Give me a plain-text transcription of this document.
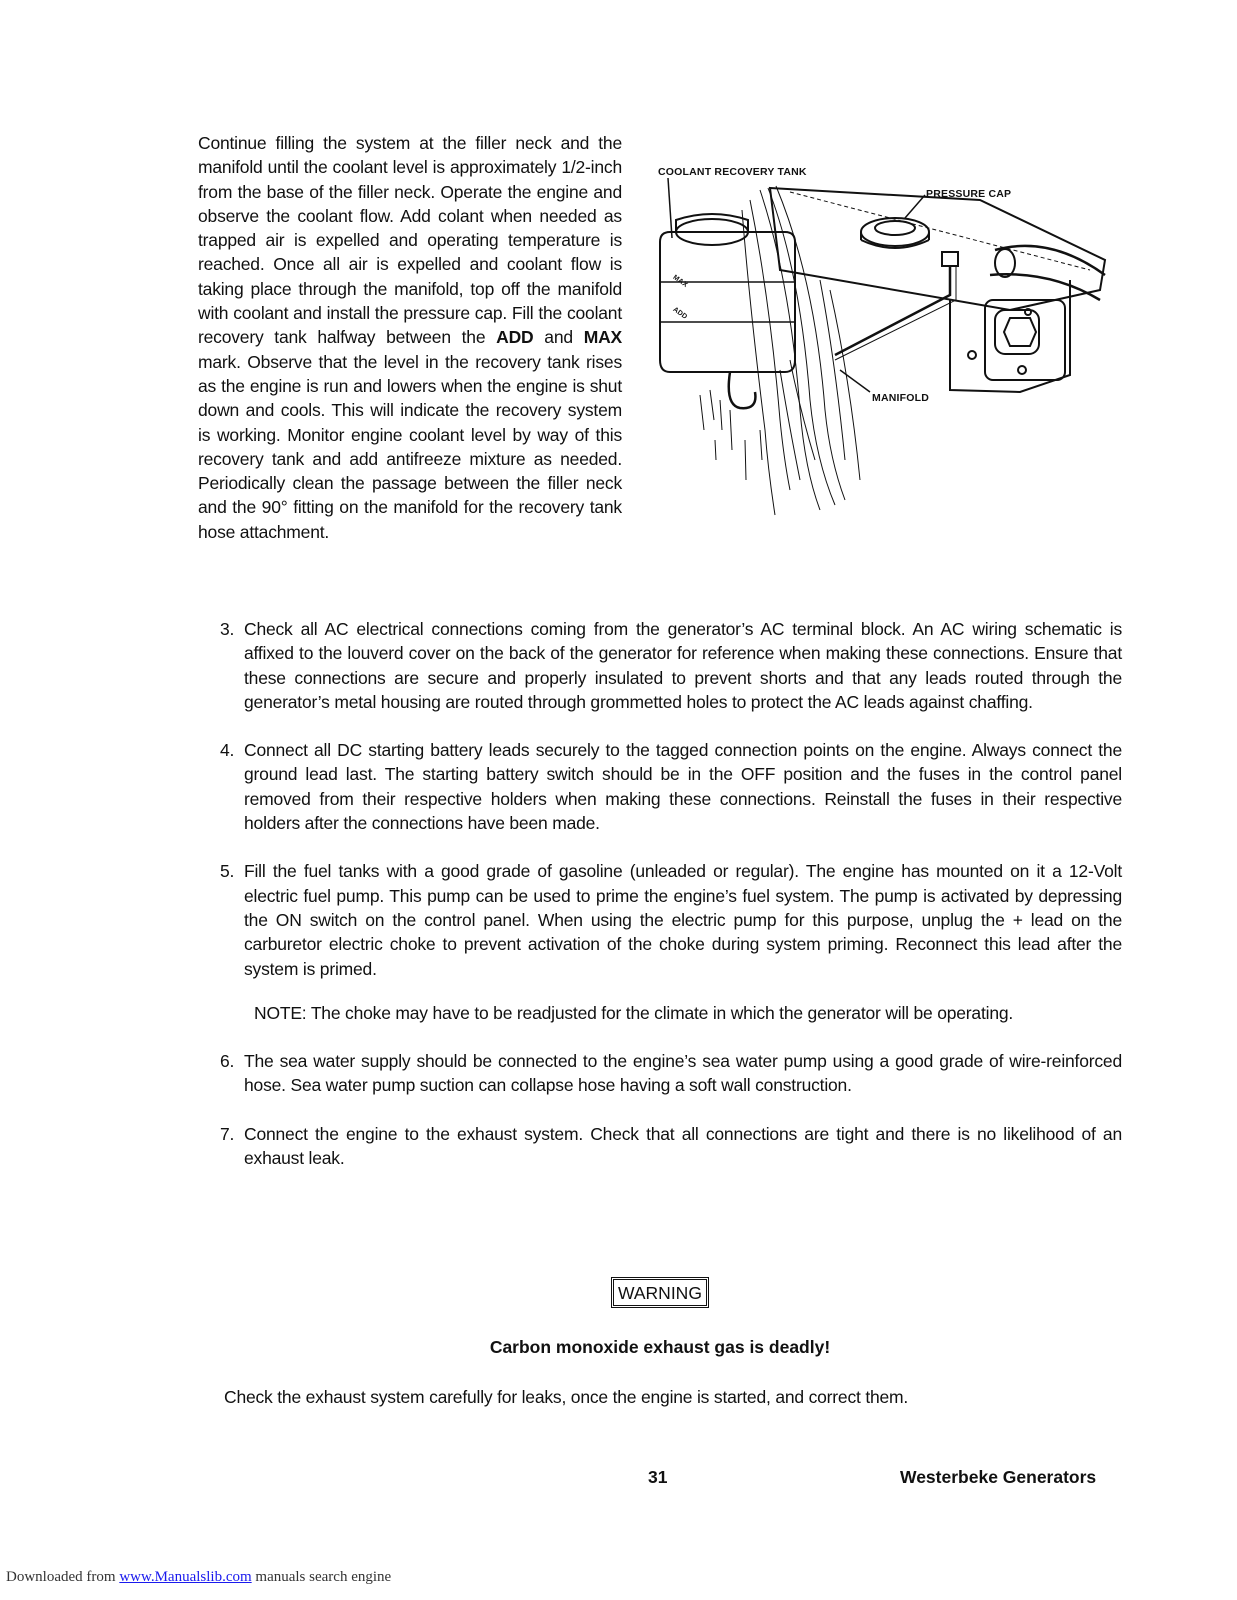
Continue filling the system at the filler neck and the manifold until the coolant level is approximately 1/2-inch from the base of the filler neck. Operate the engine and observe the coolant flow. Add colant when needed as trapped air is expelled and operating temperature is reached. Once all air is expelled and coolant flow is taking place through the manifold, top off the manifold with coolant and install the pressure cap. Fill the coolant recovery tank halfway between the ADD and MAX mark. Observe that the level in the recovery tank rises as the engine is run and lowers when the engine is shut down and cools. This will indicate the recovery system is working. Monitor engine coolant level by way of this recovery tank and add antifreeze mixture as needed. Periodically clean the passage between the filler neck and the 90° fitting on the manifold for the recovery tank hose attachment.
COOLANT RECOVERY TANK
PRESSURE CAP
MANIFOLD
MAX
ADD
3. Check all AC electrical connections coming from the generator’s AC terminal block. An AC wiring schematic is affixed to the louverd cover on the back of the generator for reference when making these connections. Ensure that these connections are secure and properly insulated to prevent shorts and that any leads routed through the generator’s metal housing are routed through grommetted holes to protect the AC leads against chaffing.
4. Connect all DC starting battery leads securely to the tagged connection points on the engine. Always connect the ground lead last. The starting battery switch should be in the OFF position and the fuses in the control panel removed from their respective holders when making these connections. Reinstall the fuses in their respective holders after the connections have been made.
5. Fill the fuel tanks with a good grade of gasoline (unleaded or regular). The engine has mounted on it a 12-Volt electric fuel pump. This pump can be used to prime the engine’s fuel system. The pump is activated by depressing the ON switch on the control panel. When using the electric pump for this purpose, unplug the + lead on the carburetor electric choke to prevent activation of the choke during system priming. Reconnect this lead after the system is primed.
NOTE: The choke may have to be readjusted for the climate in which the generator will be operating.
6. The sea water supply should be connected to the engine’s sea water pump using a good grade of wire-reinforced hose. Sea water pump suction can collapse hose having a soft wall construction.
7. Connect the engine to the exhaust system. Check that all connections are tight and there is no likelihood of an exhaust leak.
WARNING
Carbon monoxide exhaust gas is deadly!
Check the exhaust system carefully for leaks, once the engine is started, and correct them.
31	Westerbeke Generators
Downloaded from www.Manualslib.com manuals search engine
